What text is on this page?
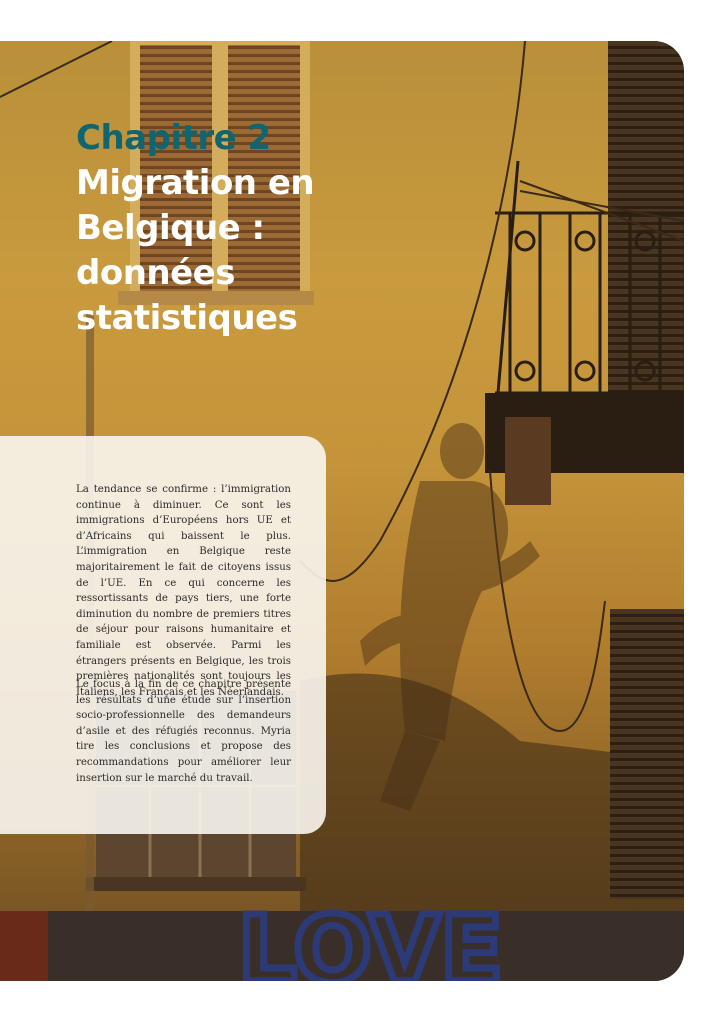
LOVE
Chapitre 2
Migration en Belgique : données statistiques

La tendance se confirme : l’immigration continue à diminuer. Ce sont les immigrations d’Européens hors UE et d’Africains qui baissent le plus. L’immigration en Belgique reste majoritairement le fait de citoyens issus de l’UE. En ce qui concerne les ressortissants de pays tiers, une forte diminution du nombre de premiers titres de séjour pour raisons humanitaire et familiale est observée. Parmi les étrangers présents en Belgique, les trois premières nationalités sont toujours les Italiens, les Français et les Néerlandais.

Le focus à la fin de ce chapitre présente les résultats d’une étude sur l’insertion socio-professionnelle des demandeurs d’asile et des réfugiés reconnus. Myria tire les conclusions et propose des recommandations pour améliorer leur insertion sur le marché du travail.
